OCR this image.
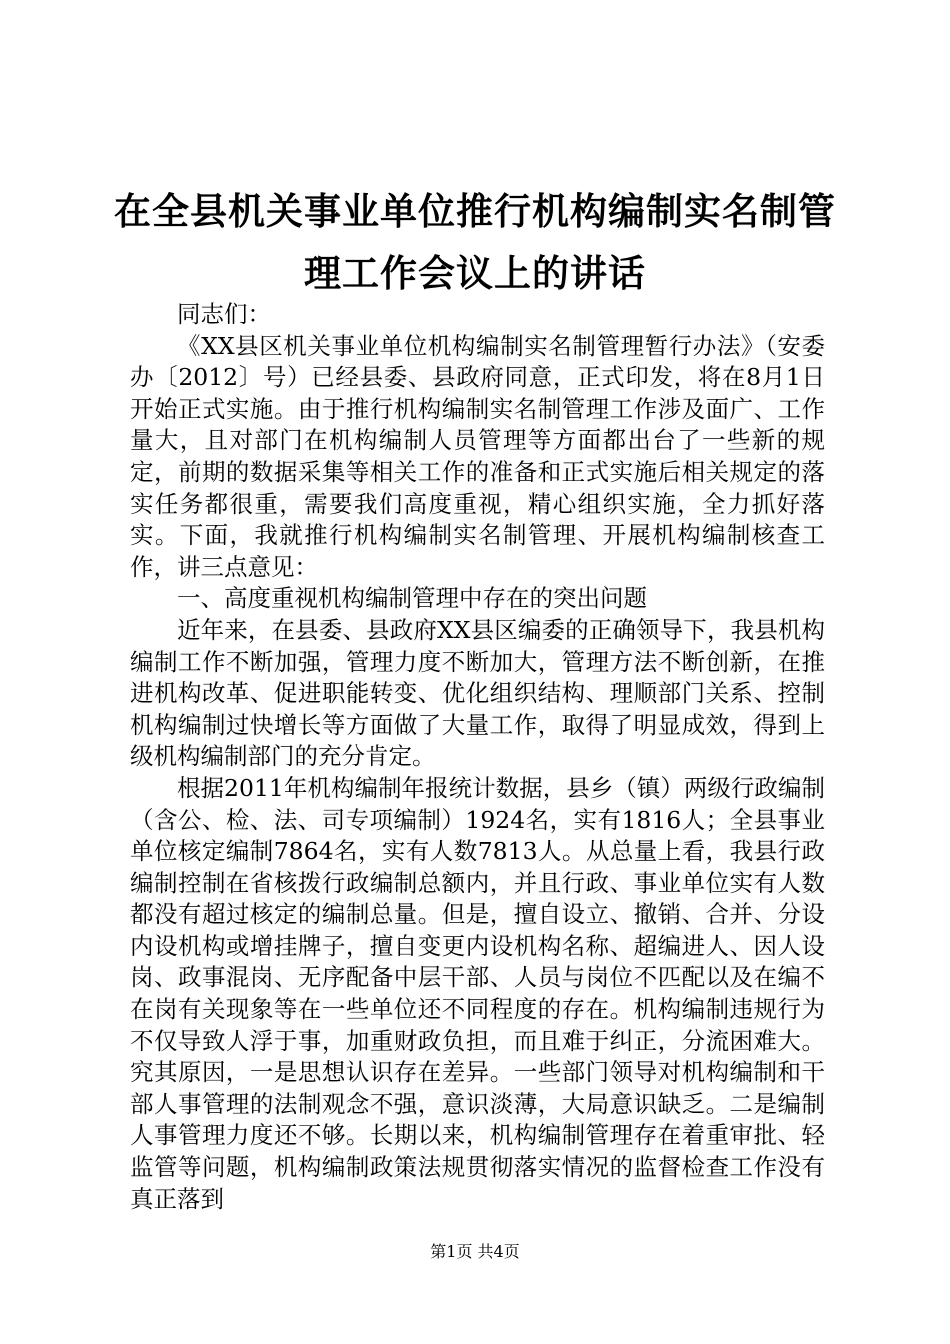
在全县机关事业单位推行机构编制实名制管理工作会议上的讲话

同志们：

《XX县区机关事业单位机构编制实名制管理暂行办法》（安委办〔2012〕号）已经县委、县政府同意，正式印发，将在8月1日开始正式实施。由于推行机构编制实名制管理工作涉及面广、工作量大，且对部门在机构编制人员管理等方面都出台了一些新的规定，前期的数据采集等相关工作的准备和正式实施后相关规定的落实任务都很重，需要我们高度重视，精心组织实施，全力抓好落实。下面，我就推行机构编制实名制管理、开展机构编制核查工作，讲三点意见：

一、高度重视机构编制管理中存在的突出问题

近年来，在县委、县政府XX县区编委的正确领导下，我县机构编制工作不断加强，管理力度不断加大，管理方法不断创新，在推进机构改革、促进职能转变、优化组织结构、理顺部门关系、控制机构编制过快增长等方面做了大量工作，取得了明显成效，得到上级机构编制部门的充分肯定。

根据2011年机构编制年报统计数据，县乡（镇）两级行政编制（含公、检、法、司专项编制）1924名，实有1816人；全县事业单位核定编制7864名，实有人数7813人。从总量上看，我县行政编制控制在省核拨行政编制总额内，并且行政、事业单位实有人数都没有超过核定的编制总量。但是，擅自设立、撤销、合并、分设内设机构或增挂牌子，擅自变更内设机构名称、超编进人、因人设岗、政事混岗、无序配备中层干部、人员与岗位不匹配以及在编不在岗有关现象等在一些单位还不同程度的存在。机构编制违规行为不仅导致人浮于事，加重财政负担，而且难于纠正，分流困难大。究其原因，一是思想认识存在差异。一些部门领导对机构编制和干部人事管理的法制观念不强，意识淡薄，大局意识缺乏。二是编制人事管理力度还不够。长期以来，机构编制管理存在着重审批、轻监管等问题，机构编制政策法规贯彻落实情况的监督检查工作没有真正落到

第1页 共4页
